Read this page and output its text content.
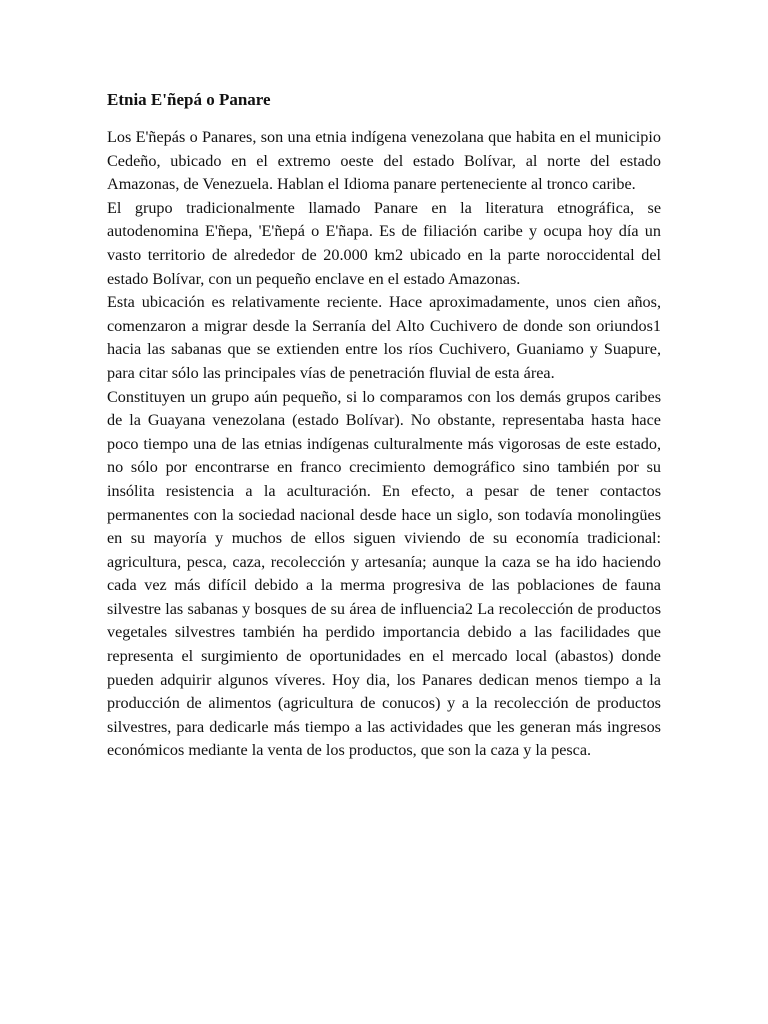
Etnia E'ñepá o Panare

Los E'ñepás o Panares, son una etnia indígena venezolana que habita en el municipio Cedeño, ubicado en el extremo oeste del estado Bolívar, al norte del estado Amazonas, de Venezuela. Hablan el Idioma panare perteneciente al tronco caribe.

El grupo tradicionalmente llamado Panare en la literatura etnográfica, se autodenomina E'ñepa, 'E'ñepá o E'ñapa. Es de filiación caribe y ocupa hoy día un vasto territorio de alrededor de 20.000 km2 ubicado en la parte noroccidental del estado Bolívar, con un pequeño enclave en el estado Amazonas.

Esta ubicación es relativamente reciente. Hace aproximadamente, unos cien años, comenzaron a migrar desde la Serranía del Alto Cuchivero de donde son oriundos1 hacia las sabanas que se extienden entre los ríos Cuchivero, Guaniamo y Suapure, para citar sólo las principales vías de penetración fluvial de esta área.

Constituyen un grupo aún pequeño, si lo comparamos con los demás grupos caribes de la Guayana venezolana (estado Bolívar). No obstante, representaba hasta hace poco tiempo una de las etnias indígenas culturalmente más vigorosas de este estado, no sólo por encontrarse en franco crecimiento demográfico sino también por su insólita resistencia a la aculturación. En efecto, a pesar de tener contactos permanentes con la sociedad nacional desde hace un siglo, son todavía monolingües en su mayoría y muchos de ellos siguen viviendo de su economía tradicional: agricultura, pesca, caza, recolección y artesanía; aunque la caza se ha ido haciendo cada vez más difícil debido a la merma progresiva de las poblaciones de fauna silvestre las sabanas y bosques de su área de influencia2 La recolección de productos vegetales silvestres también ha perdido importancia debido a las facilidades que representa el surgimiento de oportunidades en el mercado local (abastos) donde pueden adquirir algunos víveres. Hoy dia, los Panares dedican menos tiempo a la producción de alimentos (agricultura de conucos) y a la recolección de productos silvestres, para dedicarle más tiempo a las actividades que les generan más ingresos económicos mediante la venta de los productos, que son la caza y la pesca.
